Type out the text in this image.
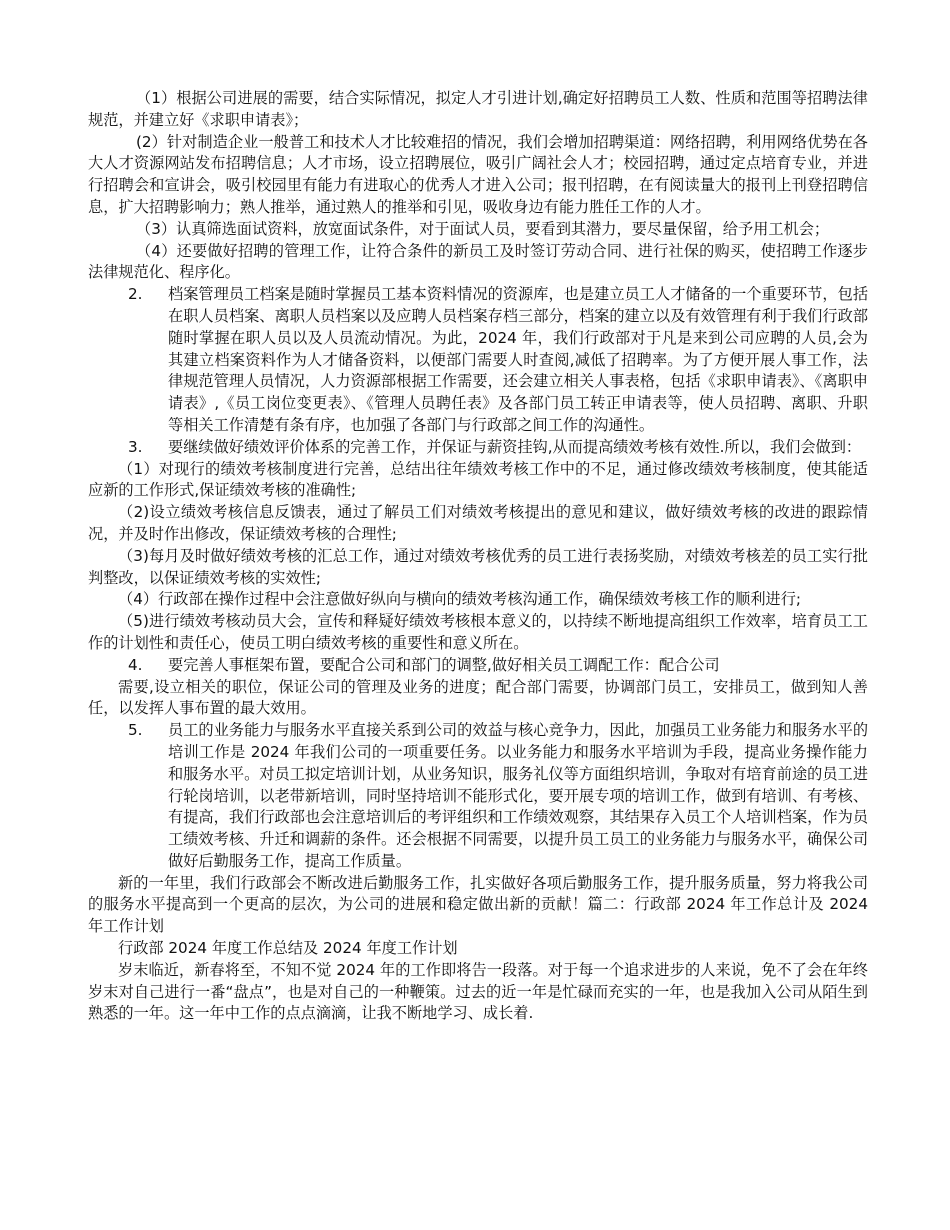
（1）根据公司进展的需要，结合实际情况，拟定人才引进计划,确定好招聘员工人数、性质和范围等招聘法律规范，并建立好《求职申请表》；

(2）针对制造企业一般普工和技术人才比较难招的情况，我们会增加招聘渠道：网络招聘，利用网络优势在各大人才资源网站发布招聘信息；人才市场，设立招聘展位，吸引广阔社会人才；校园招聘，通过定点培育专业，并进行招聘会和宣讲会，吸引校园里有能力有进取心的优秀人才进入公司；报刊招聘，在有阅读量大的报刊上刊登招聘信息，扩大招聘影响力；熟人推举，通过熟人的推举和引见，吸收身边有能力胜任工作的人才。

（3）认真筛选面试资料，放宽面试条件，对于面试人员，要看到其潜力，要尽量保留，给予用工机会；

（4）还要做好招聘的管理工作，让符合条件的新员工及时签订劳动合同、进行社保的购买，使招聘工作逐步法律规范化、程序化。

2.	档案管理员工档案是随时掌握员工基本资料情况的资源库，也是建立员工人才储备的一个重要环节，包括在职人员档案、离职人员档案以及应聘人员档案存档三部分，档案的建立以及有效管理有利于我们行政部随时掌握在职人员以及人员流动情况。为此，2024 年，我们行政部对于凡是来到公司应聘的人员,会为其建立档案资料作为人才储备资料，以便部门需要人时查阅,减低了招聘率。为了方便开展人事工作，法律规范管理人员情况，人力资源部根据工作需要，还会建立相关人事表格，包括《求职申请表》、《离职申请表》,《员工岗位变更表》、《管理人员聘任表》及各部门员工转正申请表等，使人员招聘、离职、升职等相关工作清楚有条有序，也加强了各部门与行政部之间工作的沟通性。

3.	要继续做好绩效评价体系的完善工作，并保证与薪资挂钩,从而提高绩效考核有效性.所以，我们会做到：

（1）对现行的绩效考核制度进行完善，总结出往年绩效考核工作中的不足，通过修改绩效考核制度，使其能适应新的工作形式,保证绩效考核的准确性;

（2)设立绩效考核信息反馈表，通过了解员工们对绩效考核提出的意见和建议，做好绩效考核的改进的跟踪情况，并及时作出修改，保证绩效考核的合理性;

（3)每月及时做好绩效考核的汇总工作，通过对绩效考核优秀的员工进行表扬奖励，对绩效考核差的员工实行批判整改，以保证绩效考核的实效性;

（4）行政部在操作过程中会注意做好纵向与横向的绩效考核沟通工作，确保绩效考核工作的顺利进行;

（5)进行绩效考核动员大会，宣传和释疑好绩效考核根本意义的，以持续不断地提高组织工作效率，培育员工工作的计划性和责任心，使员工明白绩效考核的重要性和意义所在。

4.	要完善人事框架布置，要配合公司和部门的调整,做好相关员工调配工作：配合公司

需要,设立相关的职位，保证公司的管理及业务的进度；配合部门需要，协调部门员工，安排员工，做到知人善任，以发挥人事布置的最大效用。

5.	员工的业务能力与服务水平直接关系到公司的效益与核心竞争力，因此，加强员工业务能力和服务水平的培训工作是 2024 年我们公司的一项重要任务。以业务能力和服务水平培训为手段，提高业务操作能力和服务水平。对员工拟定培训计划，从业务知识，服务礼仪等方面组织培训，争取对有培育前途的员工进行轮岗培训，以老带新培训，同时坚持培训不能形式化，要开展专项的培训工作，做到有培训、有考核、有提高，我们行政部也会注意培训后的考评组织和工作绩效观察，其结果存入员工个人培训档案，作为员工绩效考核、升迁和调薪的条件。还会根据不同需要，以提升员工员工的业务能力与服务水平，确保公司做好后勤服务工作，提高工作质量。

新的一年里，我们行政部会不断改进后勤服务工作，扎实做好各项后勤服务工作，提升服务质量，努力将我公司的服务水平提高到一个更高的层次，为公司的进展和稳定做出新的贡献！篇二：行政部 2024 年工作总计及 2024 年工作计划

行政部 2024 年度工作总结及 2024 年度工作计划

岁末临近，新春将至，不知不觉 2024 年的工作即将告一段落。对于每一个追求进步的人来说，免不了会在年终岁末对自己进行一番“盘点”，也是对自己的一种鞭策。过去的近一年是忙碌而充实的一年，也是我加入公司从陌生到熟悉的一年。这一年中工作的点点滴滴，让我不断地学习、成长着.
